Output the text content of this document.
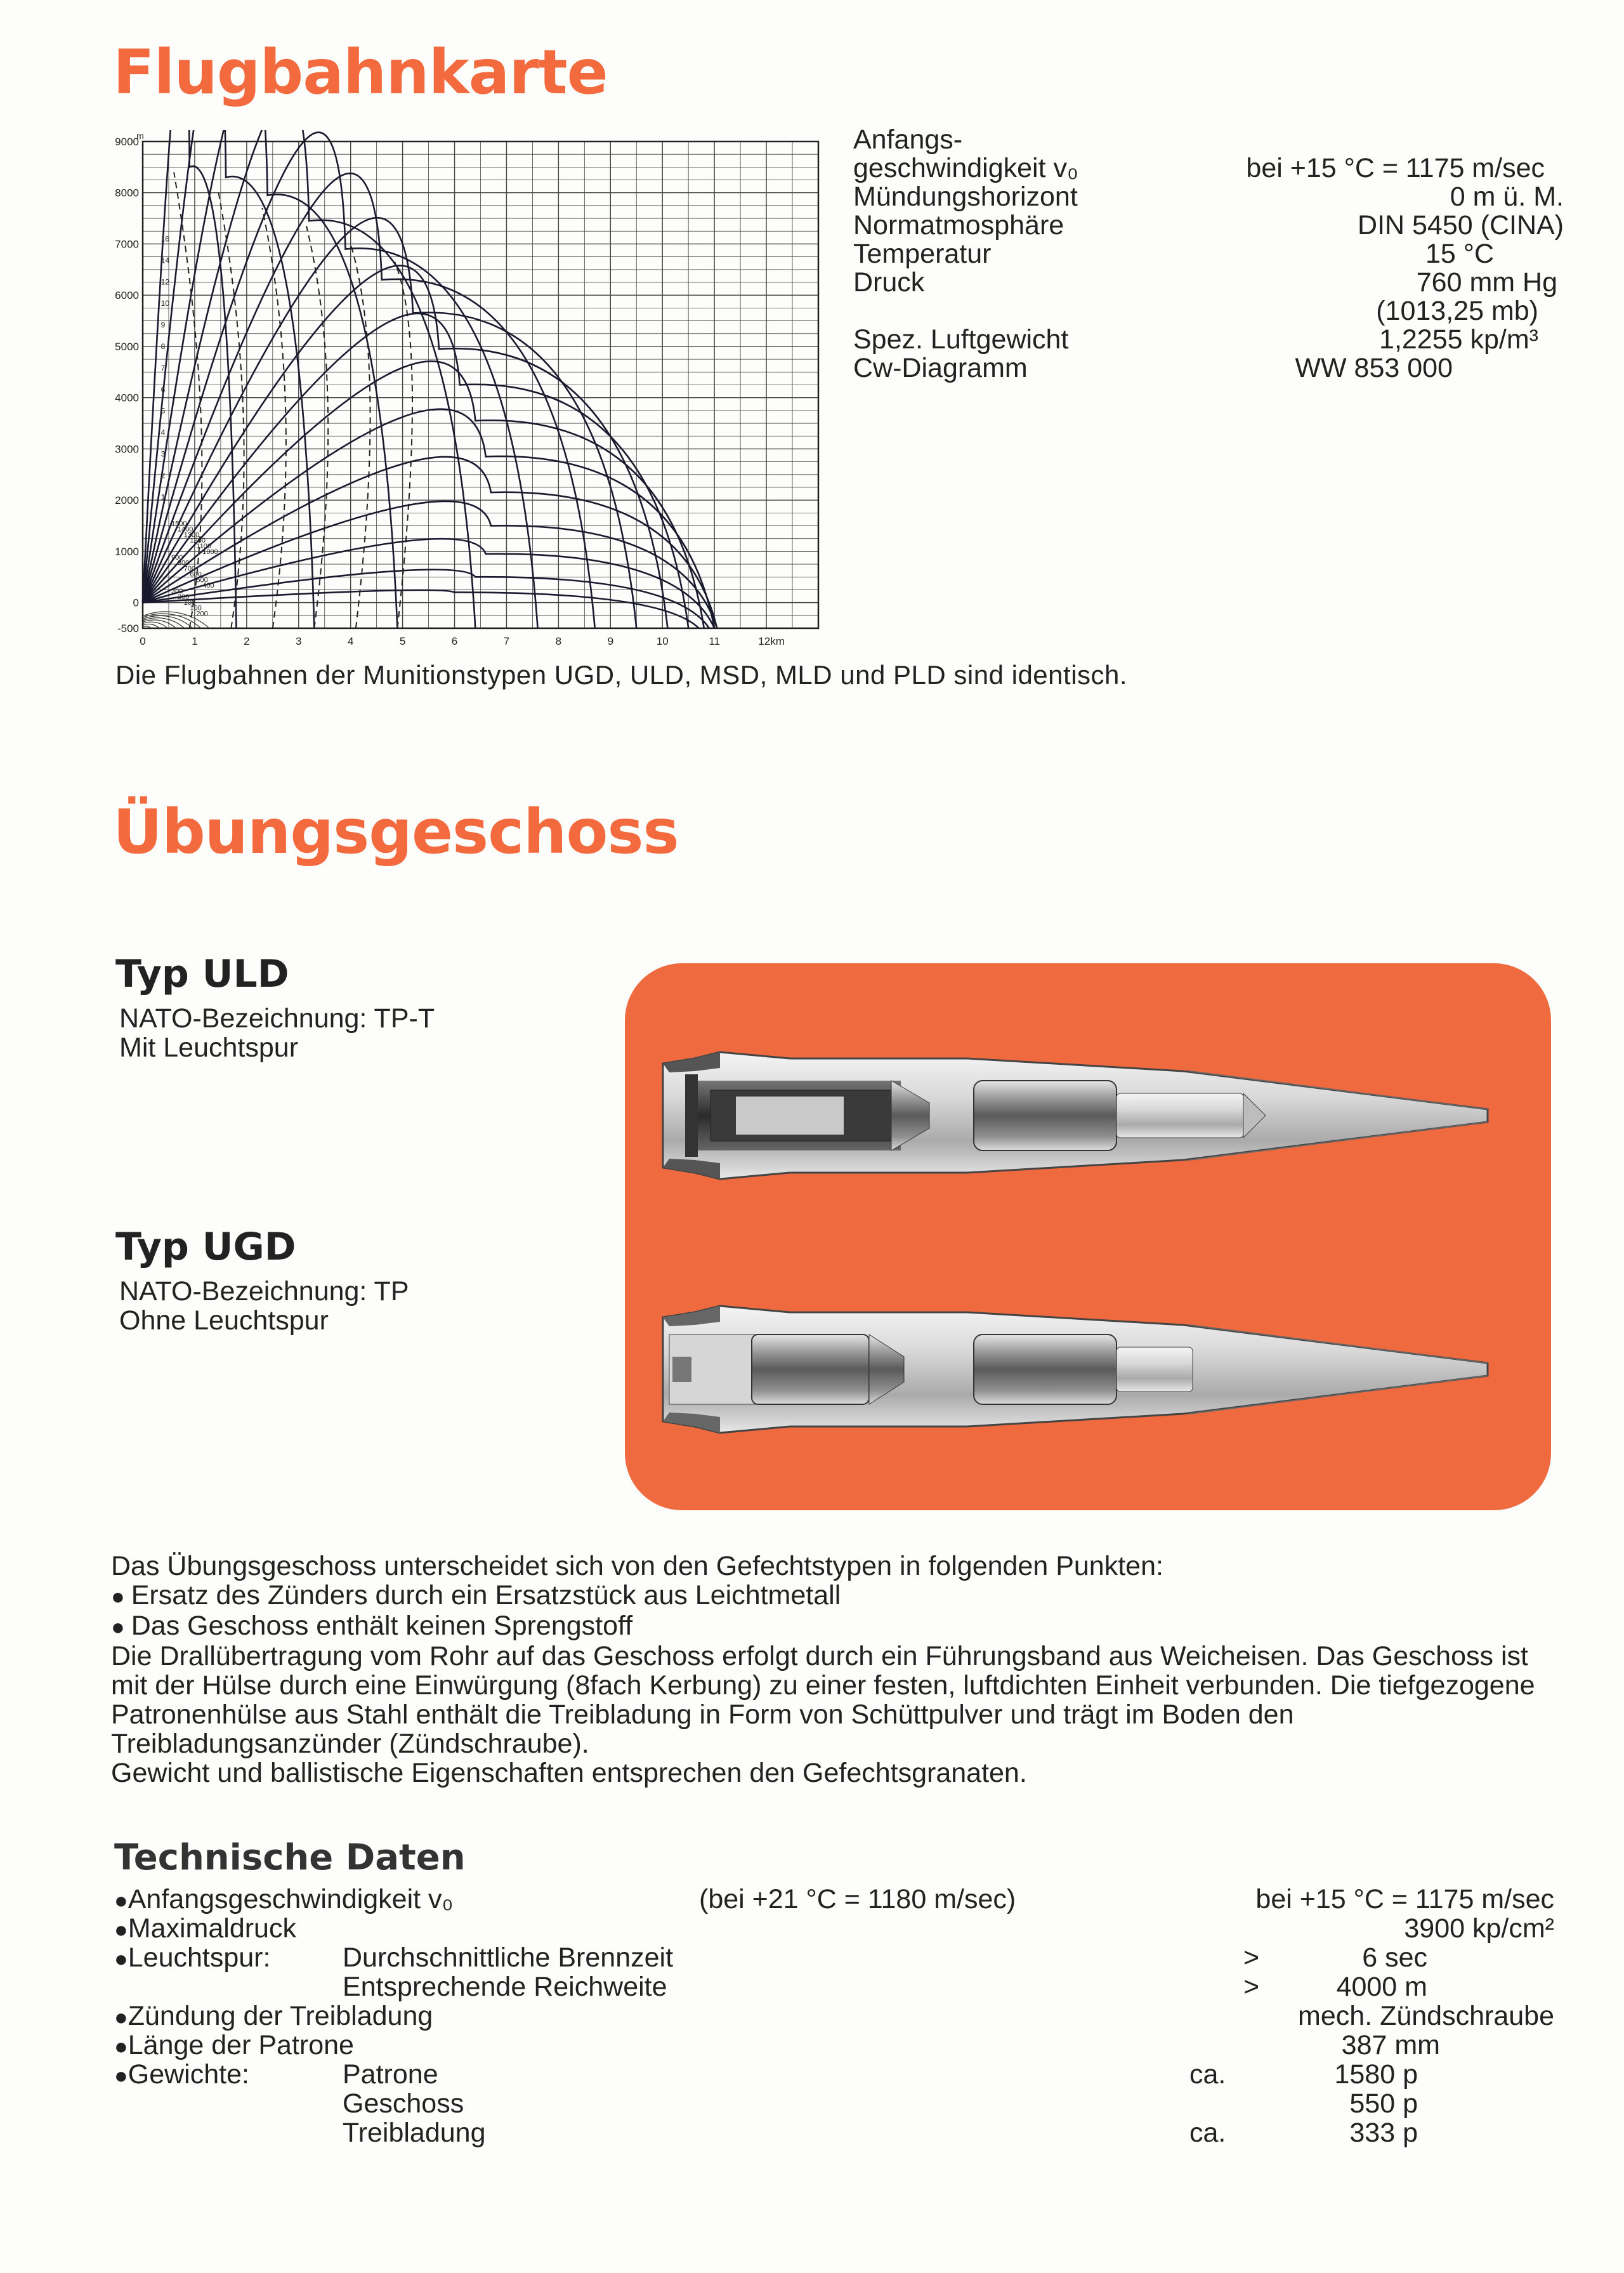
Flugbahnkarte
9000
8000
7000
6000
5000
4000
3000
2000
1000
0
-500
m
0	1	2	3	4	5	6	7	8	9	10	11	12km
16
14
12
10
9
8
7
6
5
4
3
2
1
1500
1400
1300
1200
1100
1000
900
800
700
600
500
400
300
200
100
100
200
Die Flugbahnen der Munitionstypen UGD, ULD, MSD, MLD und PLD sind identisch.
Anfangs-
geschwindigkeit v₀	bei +15 °C = 1175 m/sec
Mündungshorizont	0 m ü. M.
Normatmosphäre	DIN 5450 (CINA)
Temperatur	15 °C
Druck	760 mm Hg
(1013,25 mb)
Spez. Luftgewicht	1,2255 kp/m³
Cw-Diagramm	WW 853 000
Übungsgeschoss
Typ ULD
NATO-Bezeichnung: TP-T
Mit Leuchtspur
Typ UGD
NATO-Bezeichnung: TP
Ohne Leuchtspur

Das Übungsgeschoss unterscheidet sich von den Gefechtstypen in folgenden Punkten:

● Ersatz des Zünders durch ein Ersatzstück aus Leichtmetall
● Das Geschoss enthält keinen Sprengstoff

Die Drallübertragung vom Rohr auf das Geschoss erfolgt durch ein Führungsband aus Weicheisen. Das Geschoss ist mit der Hülse durch eine Einwürgung (8fach Kerbung) zu einer festen, luftdichten Einheit verbunden. Die tiefgezogene Patronenhülse aus Stahl enthält die Treibladung in Form von Schüttpulver und trägt im Boden den Treibladungsanzünder (Zündschraube).

Gewicht und ballistische Eigenschaften entsprechen den Gefechtsgranaten.

Technische Daten
● Anfangsgeschwindigkeit v₀	(bei +21 °C = 1180 m/sec)	bei +15 °C = 1175 m/sec
● Maximaldruck	3900 kp/cm²
● Leuchtspur:	Durchschnittliche Brennzeit	>	6 sec
Entsprechende Reichweite	>	4000 m
● Zündung der Treibladung	mech. Zündschraube
● Länge der Patrone	387 mm
● Gewichte:	Patrone	ca.	1580 p
Geschoss	550 p
Treibladung	ca.	333 p
